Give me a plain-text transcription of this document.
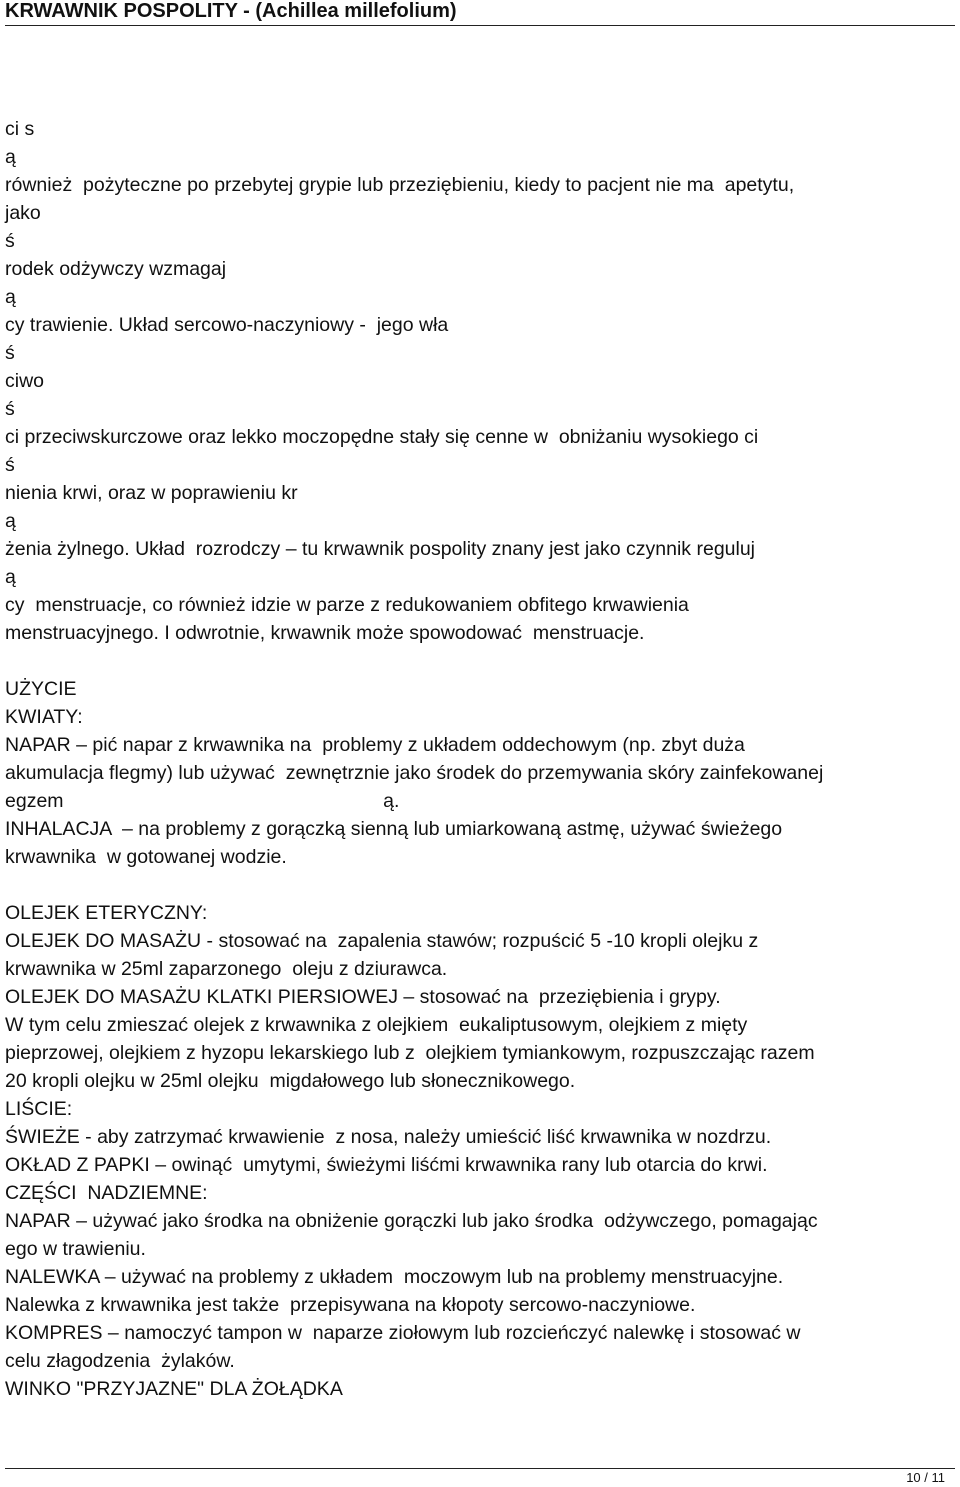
KRWAWNIK POSPOLITY - (Achillea millefolium)
ci s
ą
również  pożyteczne po przebytej grypie lub przeziębieniu, kiedy to pacjent nie ma  apetytu,
jako
ś
rodek odżywczy wzmagaj
ą
cy trawienie. Układ sercowo-naczyniowy -  jego wła
ś
ciwo
ś
ci przeciwskurczowe oraz lekko moczopędne stały się cenne w  obniżaniu wysokiego ci
ś
nienia krwi, oraz w poprawieniu kr
ą
żenia żylnego. Układ  rozrodczy – tu krwawnik pospolity znany jest jako czynnik reguluj
ą
cy  menstruacje, co również idzie w parze z redukowaniem obfitego krwawienia
menstruacyjnego. I odwrotnie, krwawnik może spowodować  menstruacje.
UŻYCIE
KWIATY:
NAPAR – pić napar z krwawnika na  problemy z układem oddechowym (np. zbyt duża
akumulacja flegmy) lub używać  zewnętrznie jako środek do przemywania skóry zainfekowanej
egzem                                                           ą.
INHALACJA  – na problemy z gorączką sienną lub umiarkowaną astmę, używać świeżego
krwawnika  w gotowanej wodzie.
OLEJEK ETERYCZNY:
OLEJEK DO MASAŻU - stosować na  zapalenia stawów; rozpuścić 5 -10 kropli olejku z
krwawnika w 25ml zaparzonego  oleju z dziurawca.
OLEJEK DO MASAŻU KLATKI PIERSIOWEJ – stosować na  przeziębienia i grypy.
W tym celu zmieszać olejek z krwawnika z olejkiem  eukaliptusowym, olejkiem z mięty
pieprzowej, olejkiem z hyzopu lekarskiego lub z  olejkiem tymiankowym, rozpuszczając razem
20 kropli olejku w 25ml olejku  migdałowego lub słonecznikowego.
LIŚCIE:
ŚWIEŻE - aby zatrzymać krwawienie  z nosa, należy umieścić liść krwawnika w nozdrzu.
OKŁAD Z PAPKI – owinąć  umytymi, świeżymi liśćmi krwawnika rany lub otarcia do krwi.
CZĘŚCI  NADZIEMNE:
NAPAR – używać jako środka na obniżenie gorączki lub jako środka  odżywczego, pomagając
ego w trawieniu.
NALEWKA – używać na problemy z układem  moczowym lub na problemy menstruacyjne.
Nalewka z krwawnika jest także  przepisywana na kłopoty sercowo-naczyniowe.
KOMPRES – namoczyć tampon w  naparze ziołowym lub rozcieńczyć nalewkę i stosować w
celu złagodzenia  żylaków.
WINKO "PRZYJAZNE" DLA ŻOŁĄDKA
10 / 11
